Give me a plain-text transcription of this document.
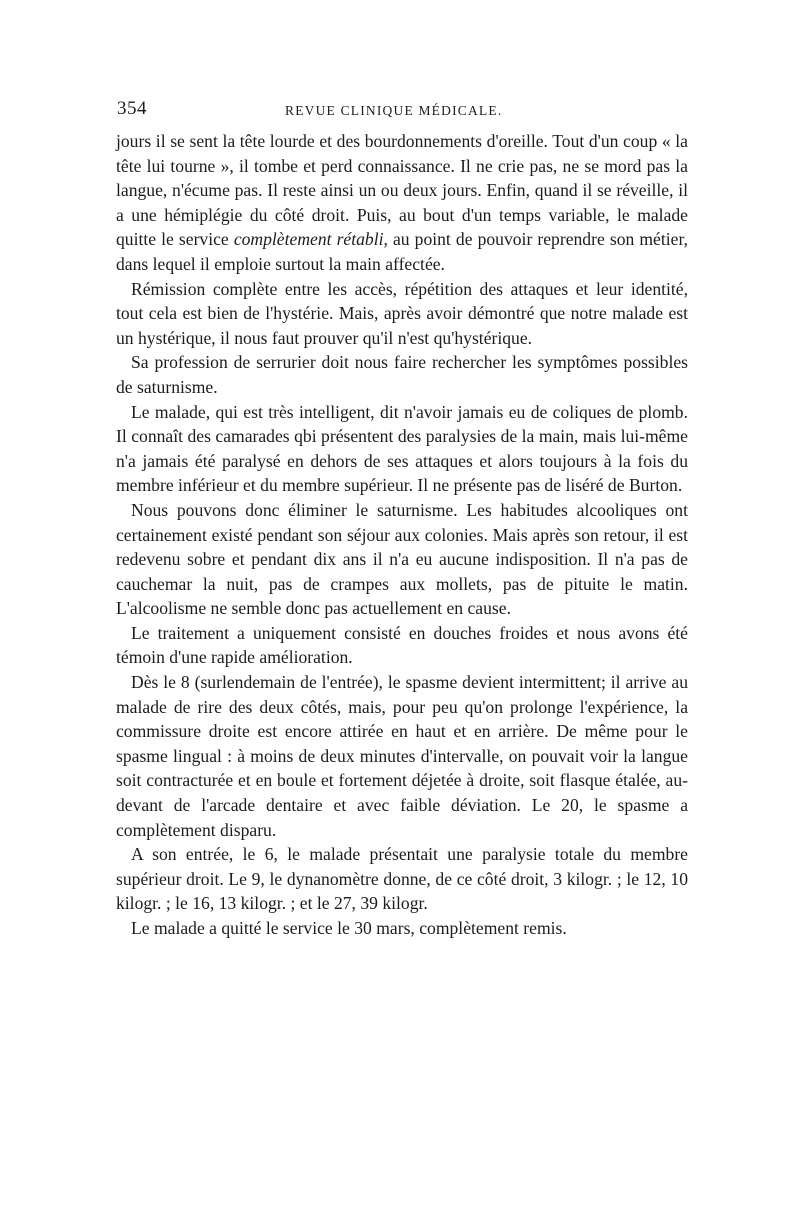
354	REVUE CLINIQUE MÉDICALE.

jours il se sent la tête lourde et des bourdonnements d'oreille. Tout d'un coup « la tête lui tourne », il tombe et perd connaissance. Il ne crie pas, ne se mord pas la langue, n'écume pas. Il reste ainsi un ou deux jours. Enfin, quand il se réveille, il a une hémiplégie du côté droit. Puis, au bout d'un temps variable, le malade quitte le service complètement rétabli, au point de pouvoir reprendre son métier, dans lequel il emploie surtout la main affectée.

Rémission complète entre les accès, répétition des attaques et leur identité, tout cela est bien de l'hystérie. Mais, après avoir démontré que notre malade est un hystérique, il nous faut prouver qu'il n'est qu'hystérique.

Sa profession de serrurier doit nous faire rechercher les symptômes possibles de saturnisme.

Le malade, qui est très intelligent, dit n'avoir jamais eu de coliques de plomb. Il connaît des camarades qbi présentent des paralysies de la main, mais lui-même n'a jamais été paralysé en dehors de ses attaques et alors toujours à la fois du membre inférieur et du membre supérieur. Il ne présente pas de liséré de Burton.

Nous pouvons donc éliminer le saturnisme. Les habitudes alcooliques ont certainement existé pendant son séjour aux colonies. Mais après son retour, il est redevenu sobre et pendant dix ans il n'a eu aucune indisposition. Il n'a pas de cauchemar la nuit, pas de crampes aux mollets, pas de pituite le matin. L'alcoolisme ne semble donc pas actuellement en cause.

Le traitement a uniquement consisté en douches froides et nous avons été témoin d'une rapide amélioration.

Dès le 8 (surlendemain de l'entrée), le spasme devient intermittent; il arrive au malade de rire des deux côtés, mais, pour peu qu'on prolonge l'expérience, la commissure droite est encore attirée en haut et en arrière. De même pour le spasme lingual : à moins de deux minutes d'intervalle, on pouvait voir la langue soit contracturée et en boule et fortement déjetée à droite, soit flasque étalée, au-devant de l'arcade dentaire et avec faible déviation. Le 20, le spasme a complètement disparu.

A son entrée, le 6, le malade présentait une paralysie totale du membre supérieur droit. Le 9, le dynanomètre donne, de ce côté droit, 3 kilogr. ; le 12, 10 kilogr. ; le 16, 13 kilogr. ; et le 27, 39 kilogr.

Le malade a quitté le service le 30 mars, complètement remis.
